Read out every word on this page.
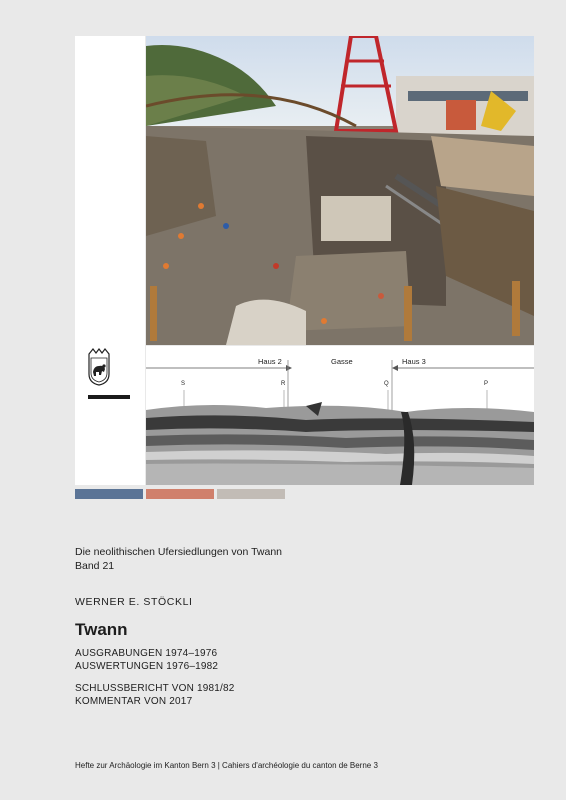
Haus 2	Gasse	Haus 3
S	R	Q	P

Die neolithischen Ufersiedlungen von Twann
Band 21

WERNER E. STÖCKLI

Twann

AUSGRABUNGEN 1974–1976
AUSWERTUNGEN 1976–1982

SCHLUSSBERICHT VON 1981/82
KOMMENTAR VON 2017

Hefte zur Archäologie im Kanton Bern 3 | Cahiers d'archéologie du canton de Berne 3
